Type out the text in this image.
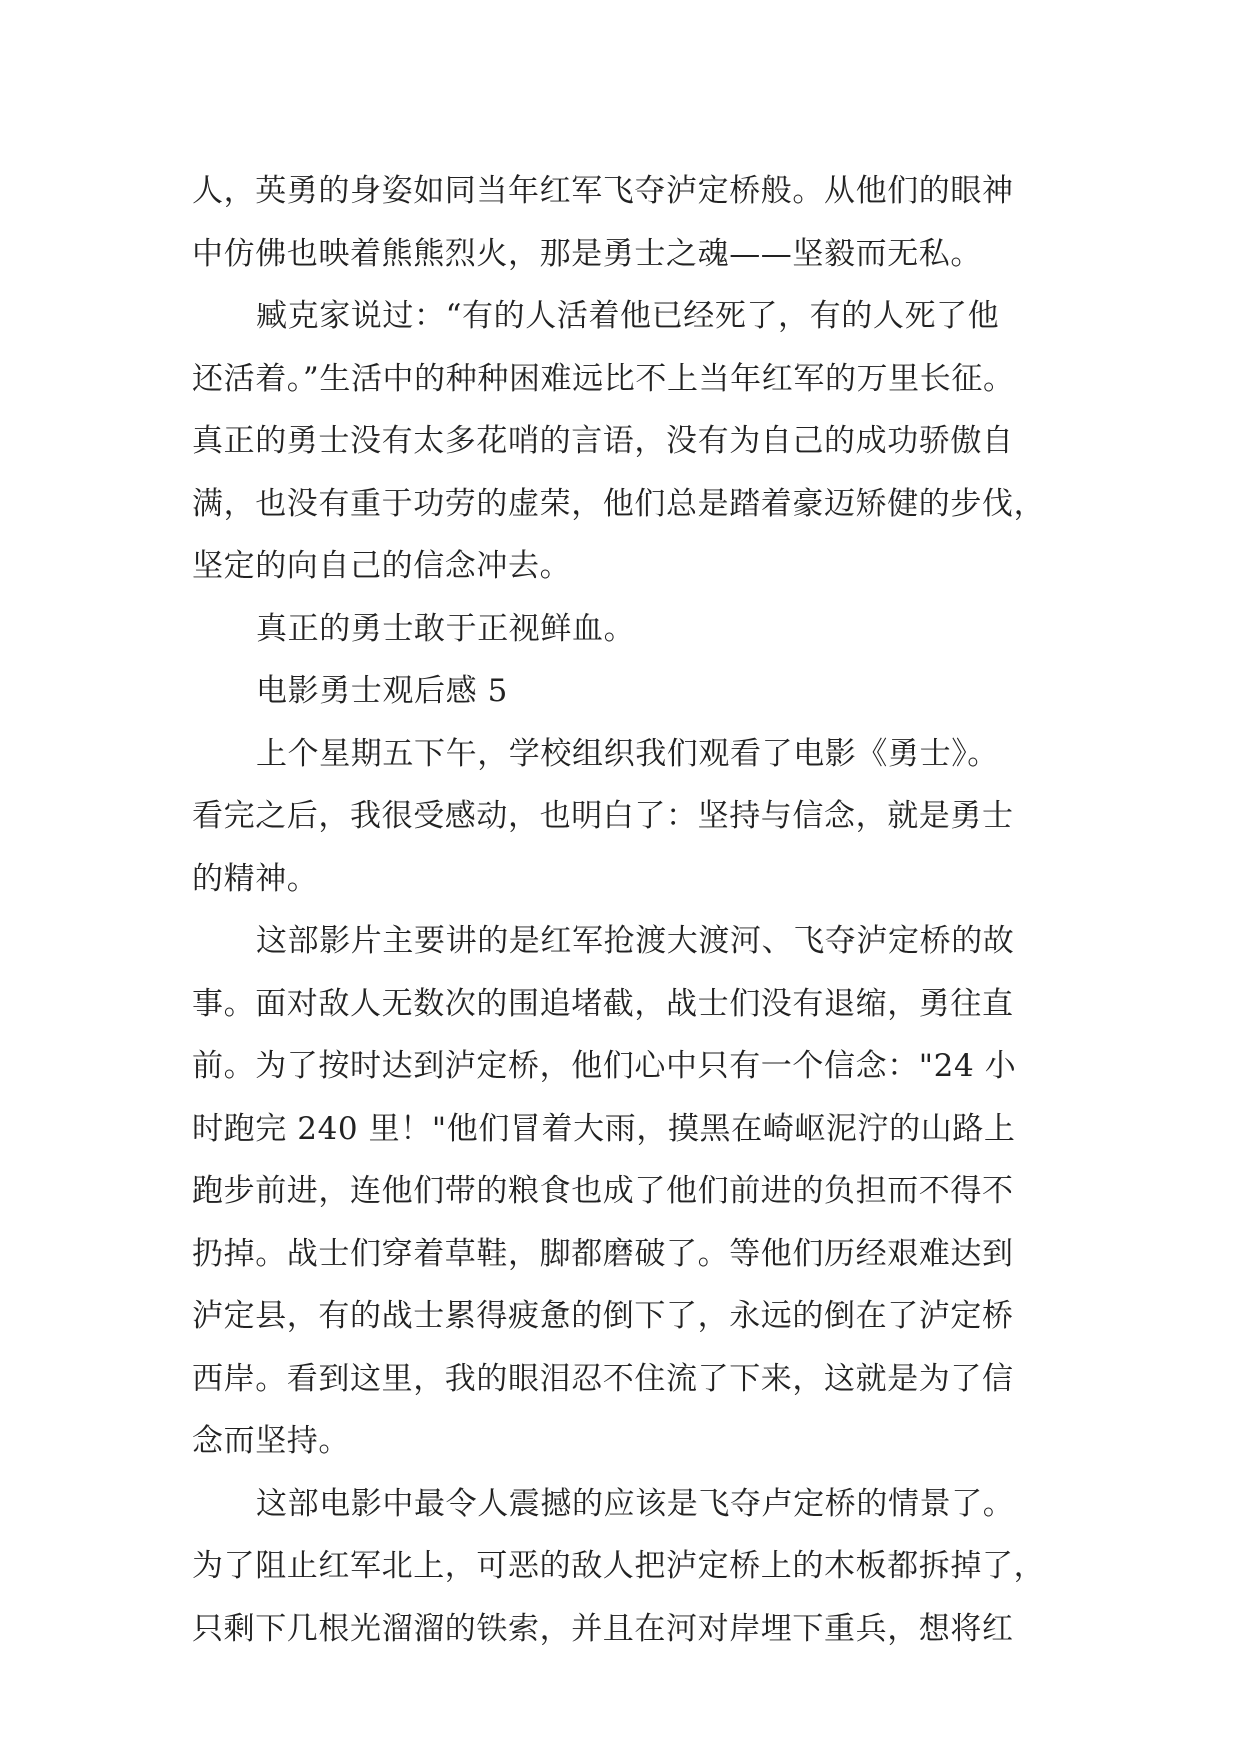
人，英勇的身姿如同当年红军飞夺泸定桥般。从他们的眼神
中仿佛也映着熊熊烈火，那是勇士之魂——坚毅而无私。
臧克家说过：“有的人活着他已经死了，有的人死了他
还活着。”生活中的种种困难远比不上当年红军的万里长征。
真正的勇士没有太多花哨的言语，没有为自己的成功骄傲自
满，也没有重于功劳的虚荣，他们总是踏着豪迈矫健的步伐，
坚定的向自己的信念冲去。
真正的勇士敢于正视鲜血。
电影勇士观后感 5
上个星期五下午，学校组织我们观看了电影《勇士》。
看完之后，我很受感动，也明白了：坚持与信念，就是勇士
的精神。
这部影片主要讲的是红军抢渡大渡河、飞夺泸定桥的故
事。面对敌人无数次的围追堵截，战士们没有退缩，勇往直
前。为了按时达到泸定桥，他们心中只有一个信念："24 小
时跑完 240 里！"他们冒着大雨，摸黑在崎岖泥泞的山路上
跑步前进，连他们带的粮食也成了他们前进的负担而不得不
扔掉。战士们穿着草鞋，脚都磨破了。等他们历经艰难达到
泸定县，有的战士累得疲惫的倒下了，永远的倒在了泸定桥
西岸。看到这里，我的眼泪忍不住流了下来，这就是为了信
念而坚持。
这部电影中最令人震撼的应该是飞夺卢定桥的情景了。
为了阻止红军北上，可恶的敌人把泸定桥上的木板都拆掉了，
只剩下几根光溜溜的铁索，并且在河对岸埋下重兵，想将红
